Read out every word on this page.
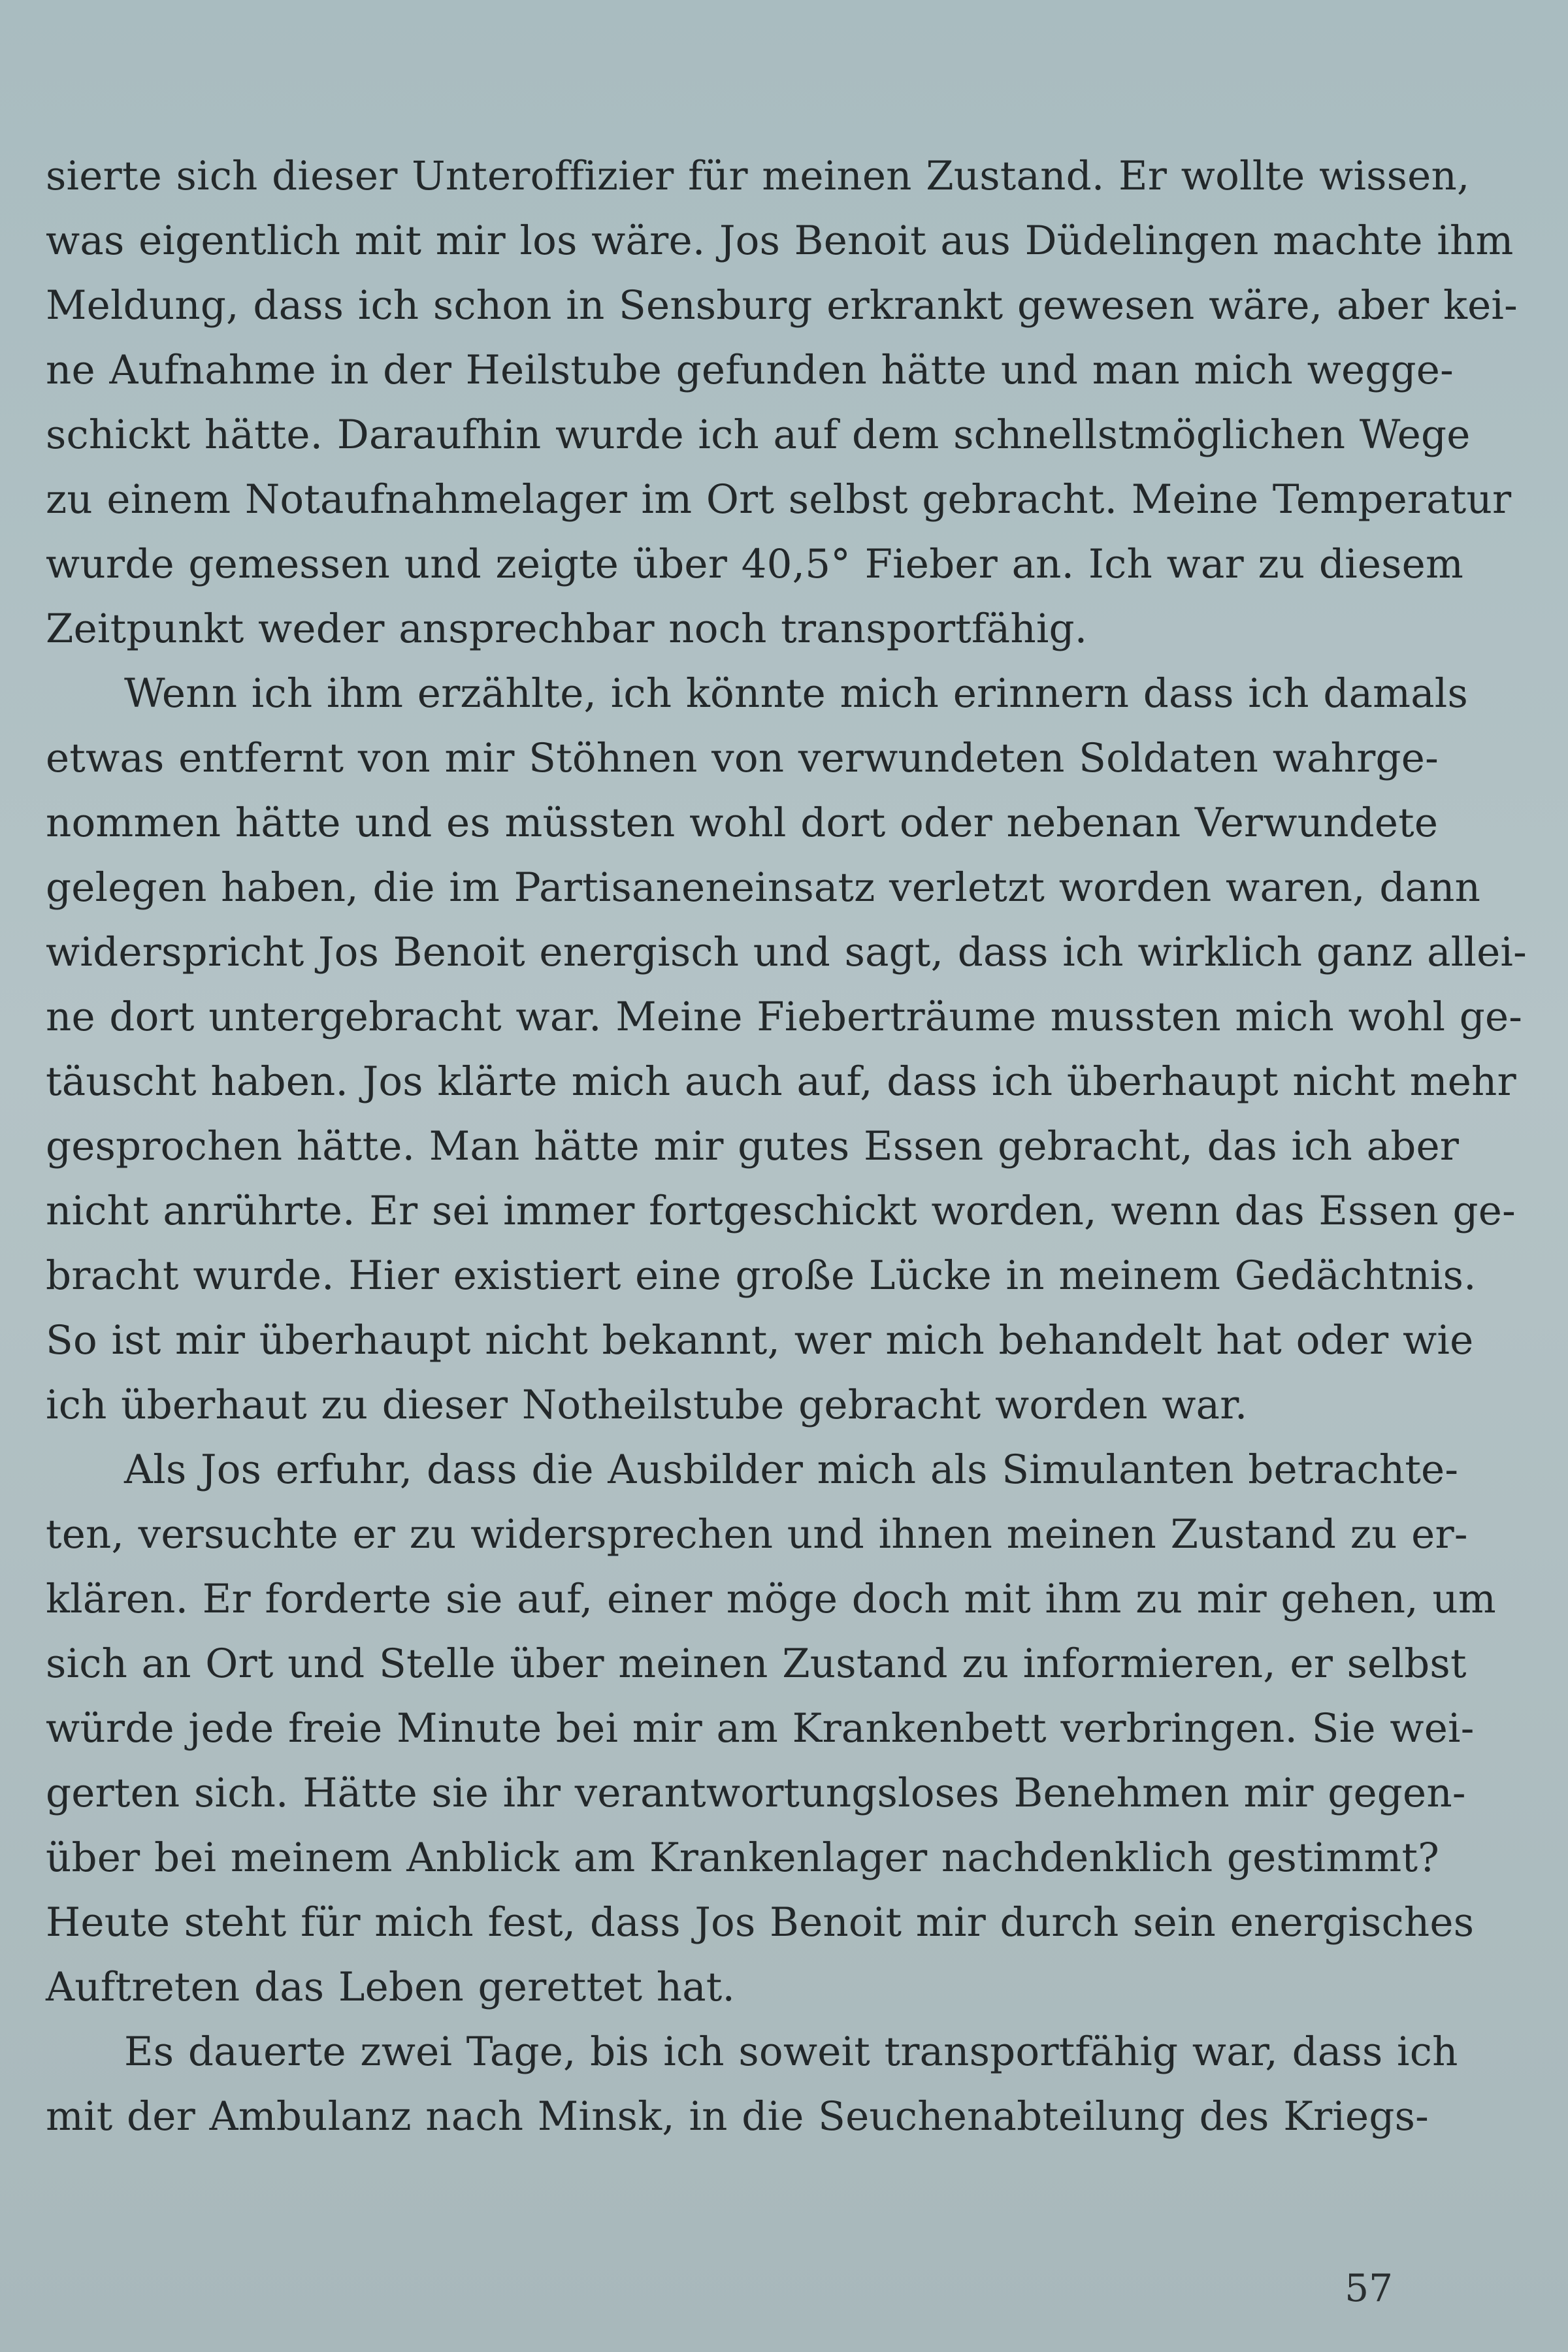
sierte sich dieser Unteroffizier für meinen Zustand. Er wollte wissen,
was eigentlich mit mir los wäre. Jos Benoit aus Düdelingen machte ihm
Meldung, dass ich schon in Sensburg erkrankt gewesen wäre, aber kei-
ne Aufnahme in der Heilstube gefunden hätte und man mich wegge-
schickt hätte. Daraufhin wurde ich auf dem schnellstmöglichen Wege
zu einem Notaufnahmelager im Ort selbst gebracht. Meine Temperatur
wurde gemessen und zeigte über 40,5° Fieber an. Ich war zu diesem
Zeitpunkt weder ansprechbar noch transportfähig.
Wenn ich ihm erzählte, ich könnte mich erinnern dass ich damals
etwas entfernt von mir Stöhnen von verwundeten Soldaten wahrge-
nommen hätte und es müssten wohl dort oder nebenan Verwundete
gelegen haben, die im Partisaneneinsatz verletzt worden waren, dann
widerspricht Jos Benoit energisch und sagt, dass ich wirklich ganz allei-
ne dort untergebracht war. Meine Fieberträume mussten mich wohl ge-
täuscht haben. Jos klärte mich auch auf, dass ich überhaupt nicht mehr
gesprochen hätte. Man hätte mir gutes Essen gebracht, das ich aber
nicht anrührte. Er sei immer fortgeschickt worden, wenn das Essen ge-
bracht wurde. Hier existiert eine große Lücke in meinem Gedächtnis.
So ist mir überhaupt nicht bekannt, wer mich behandelt hat oder wie
ich überhaut zu dieser Notheilstube gebracht worden war.
Als Jos erfuhr, dass die Ausbilder mich als Simulanten betrachte-
ten, versuchte er zu widersprechen und ihnen meinen Zustand zu er-
klären. Er forderte sie auf, einer möge doch mit ihm zu mir gehen, um
sich an Ort und Stelle über meinen Zustand zu informieren, er selbst
würde jede freie Minute bei mir am Krankenbett verbringen. Sie wei-
gerten sich. Hätte sie ihr verantwortungsloses Benehmen mir gegen-
über bei meinem Anblick am Krankenlager nachdenklich gestimmt?
Heute steht für mich fest, dass Jos Benoit mir durch sein energisches
Auftreten das Leben gerettet hat.
Es dauerte zwei Tage, bis ich soweit transportfähig war, dass ich
mit der Ambulanz nach Minsk, in die Seuchenabteilung des Kriegs-
57
